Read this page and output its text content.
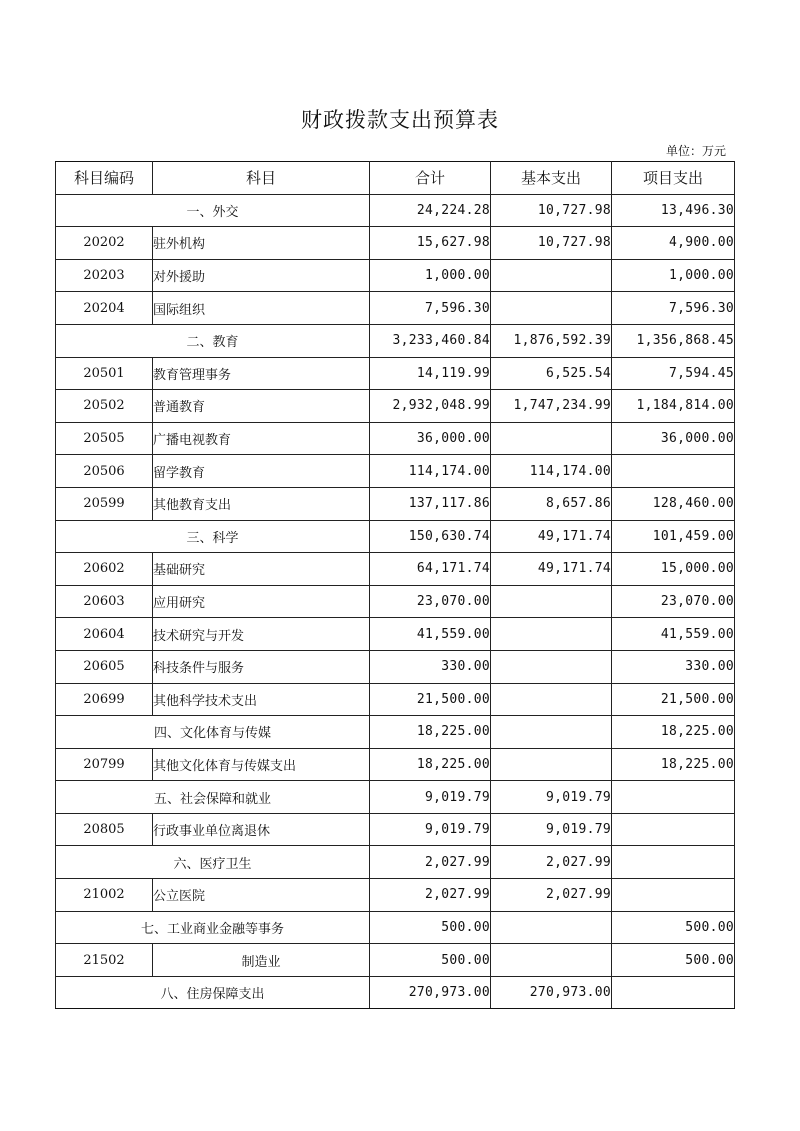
财政拨款支出预算表
单位：万元
科目编码	科目	合计	基本支出	项目支出
一、外交		24,224.28	10,727.98	13,496.30
20202	驻外机构	15,627.98	10,727.98	4,900.00
20203	对外援助	1,000.00		1,000.00
20204	国际组织	7,596.30		7,596.30
二、教育		3,233,460.84	1,876,592.39	1,356,868.45
20501	教育管理事务	14,119.99	6,525.54	7,594.45
20502	普通教育	2,932,048.99	1,747,234.99	1,184,814.00
20505	广播电视教育	36,000.00		36,000.00
20506	留学教育	114,174.00	114,174.00	
20599	其他教育支出	137,117.86	8,657.86	128,460.00
三、科学		150,630.74	49,171.74	101,459.00
20602	基础研究	64,171.74	49,171.74	15,000.00
20603	应用研究	23,070.00		23,070.00
20604	技术研究与开发	41,559.00		41,559.00
20605	科技条件与服务	330.00		330.00
20699	其他科学技术支出	21,500.00		21,500.00
四、文化体育与传媒		18,225.00		18,225.00
20799	其他文化体育与传媒支出	18,225.00		18,225.00
五、社会保障和就业		9,019.79	9,019.79	
20805	行政事业单位离退休	9,019.79	9,019.79	
六、医疗卫生		2,027.99	2,027.99	
21002	公立医院	2,027.99	2,027.99	
七、工业商业金融等事务		500.00		500.00
21502	制造业	500.00		500.00
八、住房保障支出		270,973.00	270,973.00	
